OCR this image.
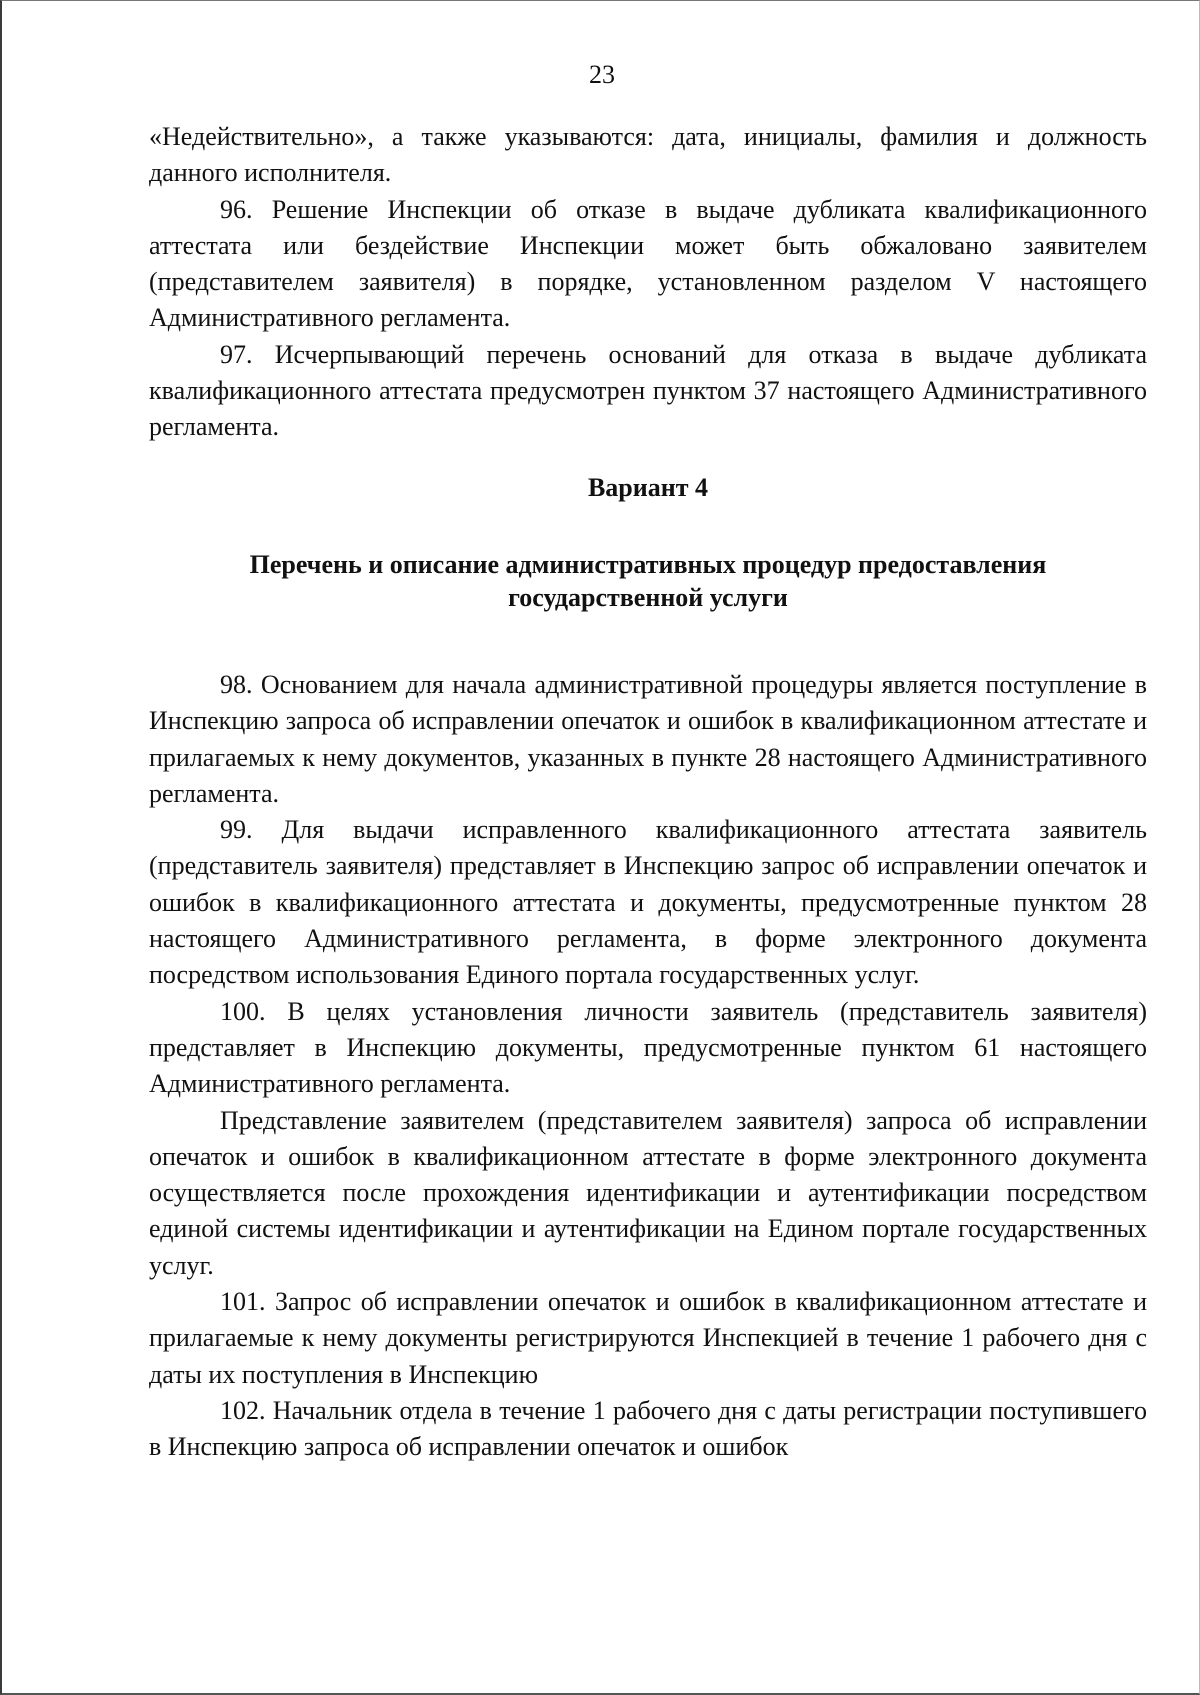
23

«Недействительно», а также указываются: дата, инициалы, фамилия и должность данного исполнителя.

96. Решение Инспекции об отказе в выдаче дубликата квалификационного аттестата или бездействие Инспекции может быть обжаловано заявителем (представителем заявителя) в порядке, установленном разделом V настоящего Административного регламента.

97. Исчерпывающий перечень оснований для отказа в выдаче дубликата квалификационного аттестата предусмотрен пунктом 37 настоящего Административного регламента.

Вариант 4
Перечень и описание административных процедур предоставления государственной услуги

98. Основанием для начала административной процедуры является поступление в Инспекцию запроса об исправлении опечаток и ошибок в квалификационном аттестате и прилагаемых к нему документов, указанных в пункте 28 настоящего Административного регламента.

99. Для выдачи исправленного квалификационного аттестата заявитель (представитель заявителя) представляет в Инспекцию запрос об исправлении опечаток и ошибок в квалификационного аттестата и документы, предусмотренные пунктом 28 настоящего Административного регламента, в форме электронного документа посредством использования Единого портала государственных услуг.

100. В целях установления личности заявитель (представитель заявителя) представляет в Инспекцию документы, предусмотренные пунктом 61 настоящего Административного регламента.

Представление заявителем (представителем заявителя) запроса об исправлении опечаток и ошибок в квалификационном аттестате в форме электронного документа осуществляется после прохождения идентификации и аутентификации посредством единой системы идентификации и аутентификации на Едином портале государственных услуг.

101. Запрос об исправлении опечаток и ошибок в квалификационном аттестате и прилагаемые к нему документы регистрируются Инспекцией в течение 1 рабочего дня с даты их поступления в Инспекцию

102. Начальник отдела в течение 1 рабочего дня с даты регистрации поступившего в Инспекцию запроса об исправлении опечаток и ошибок
